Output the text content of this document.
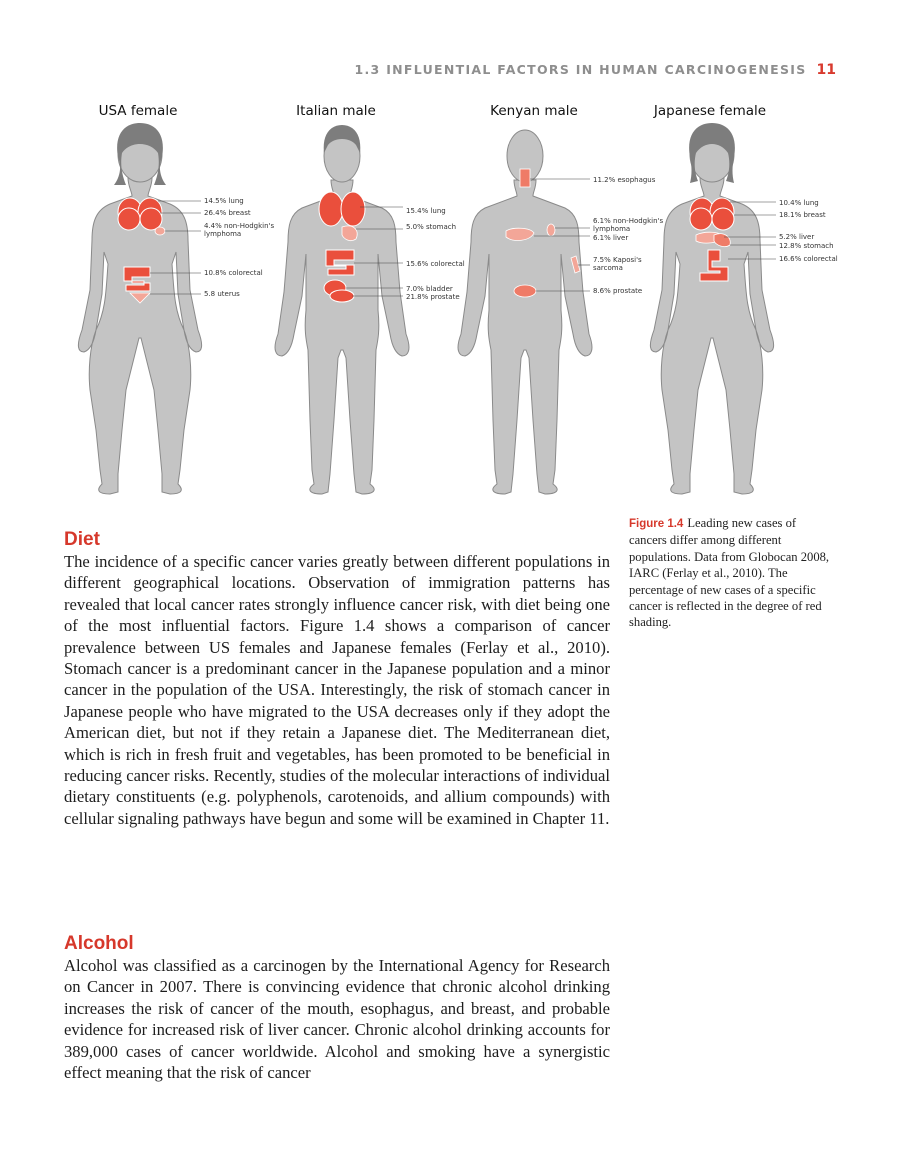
1.3 INFLUENTIAL FACTORS IN HUMAN CARCINOGENESIS 11
USA female	Italian male	Kenyan male	Japanese female
14.5% lung
26.4% breast
4.4% non-Hodgkin's
lymphoma
10.8% colorectal
5.8 uterus
15.4% lung
5.0% stomach
15.6% colorectal
7.0% bladder
21.8% prostate
11.2% esophagus
6.1% non-Hodgkin's
lymphoma
6.1% liver
7.5% Kaposi's
sarcoma
8.6% prostate
10.4% lung
18.1% breast
5.2% liver
12.8% stomach
16.6% colorectal
Diet

The incidence of a specific cancer varies greatly between different populations in different geographical locations. Observation of immigration patterns has revealed that local cancer rates strongly influence cancer risk, with diet being one of the most influential factors. Figure 1.4 shows a comparison of cancer prevalence between US females and Japanese females (Ferlay et al., 2010). Stomach cancer is a predominant cancer in the Japanese population and a minor cancer in the population of the USA. Interestingly, the risk of stomach cancer in Japanese people who have migrated to the USA decreases only if they adopt the American diet, but not if they retain a Japanese diet. The Mediterranean diet, which is rich in fresh fruit and vegetables, has been promoted to be beneficial in reducing cancer risks. Recently, studies of the molecular interactions of individual dietary constituents (e.g. polyphenols, carotenoids, and allium compounds) with cellular signaling pathways have begun and some will be examined in Chapter 11.

Figure 1.4 Leading new cases of cancers differ among different populations. Data from Globocan 2008, IARC (Ferlay et al., 2010). The percentage of new cases of a specific cancer is reflected in the degree of red shading.

Alcohol

Alcohol was classified as a carcinogen by the International Agency for Research on Cancer in 2007. There is convincing evidence that chronic alcohol drinking increases the risk of cancer of the mouth, esophagus, and breast, and probable evidence for increased risk of liver cancer. Chronic alcohol drinking accounts for 389,000 cases of cancer worldwide. Alcohol and smoking have a synergistic effect meaning that the risk of cancer
